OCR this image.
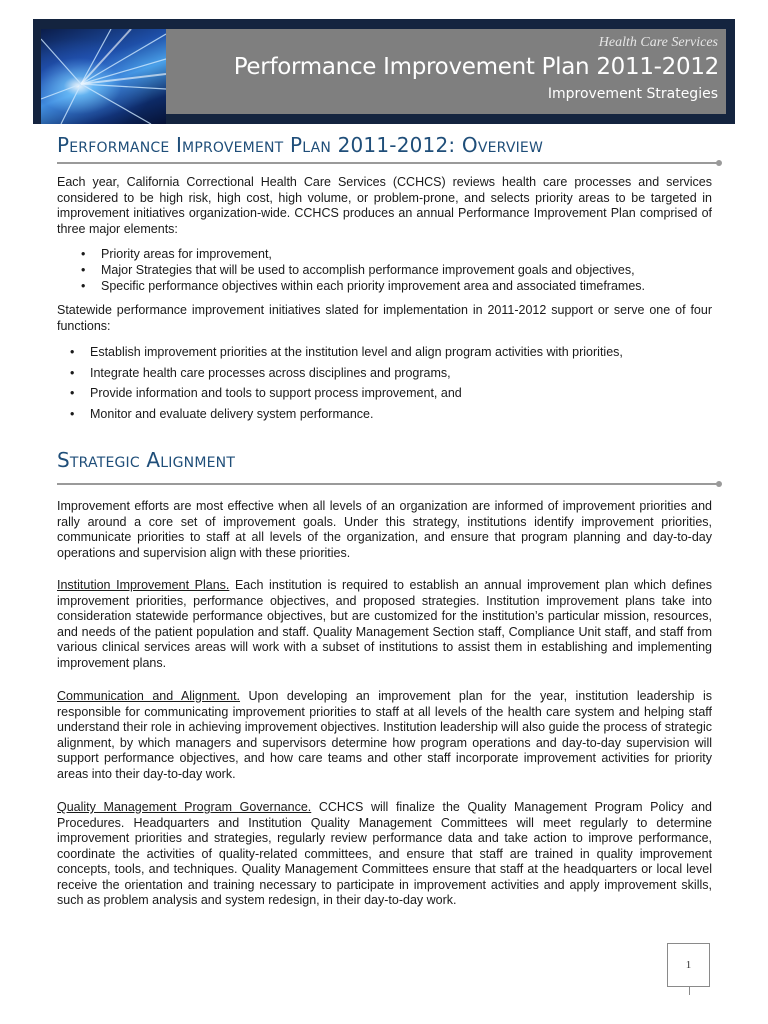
Health Care Services
Performance Improvement Plan 2011-2012
Improvement Strategies
Performance Improvement Plan 2011-2012: Overview

Each year, California Correctional Health Care Services (CCHCS) reviews health care processes and services considered to be high risk, high cost, high volume, or problem-prone, and selects priority areas to be targeted in improvement initiatives organization-wide. CCHCS produces an annual Performance Improvement Plan comprised of three major elements:

• Priority areas for improvement,
• Major Strategies that will be used to accomplish performance improvement goals and objectives,
• Specific performance objectives within each priority improvement area and associated timeframes.

Statewide performance improvement initiatives slated for implementation in 2011-2012 support or serve one of four functions:

• Establish improvement priorities at the institution level and align program activities with priorities,
• Integrate health care processes across disciplines and programs,
• Provide information and tools to support process improvement, and
• Monitor and evaluate delivery system performance.
Strategic Alignment

Improvement efforts are most effective when all levels of an organization are informed of improvement priorities and rally around a core set of improvement goals. Under this strategy, institutions identify improvement priorities, communicate priorities to staff at all levels of the organization, and ensure that program planning and day-to-day operations and supervision align with these priorities.

Institution Improvement Plans. Each institution is required to establish an annual improvement plan which defines improvement priorities, performance objectives, and proposed strategies. Institution improvement plans take into consideration statewide performance objectives, but are customized for the institution’s particular mission, resources, and needs of the patient population and staff. Quality Management Section staff, Compliance Unit staff, and staff from various clinical services areas will work with a subset of institutions to assist them in establishing and implementing improvement plans.

Communication and Alignment. Upon developing an improvement plan for the year, institution leadership is responsible for communicating improvement priorities to staff at all levels of the health care system and helping staff understand their role in achieving improvement objectives. Institution leadership will also guide the process of strategic alignment, by which managers and supervisors determine how program operations and day-to-day supervision will support performance objectives, and how care teams and other staff incorporate improvement activities for priority areas into their day-to-day work.

Quality Management Program Governance. CCHCS will finalize the Quality Management Program Policy and Procedures. Headquarters and Institution Quality Management Committees will meet regularly to determine improvement priorities and strategies, regularly review performance data and take action to improve performance, coordinate the activities of quality-related committees, and ensure that staff are trained in quality improvement concepts, tools, and techniques. Quality Management Committees ensure that staff at the headquarters or local level receive the orientation and training necessary to participate in improvement activities and apply improvement skills, such as problem analysis and system redesign, in their day-to-day work.

1
